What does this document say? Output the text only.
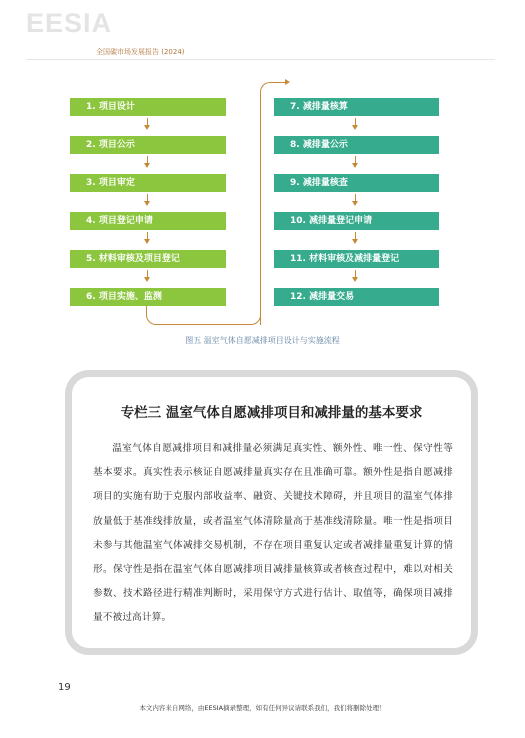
EESIA
全国碳市场发展报告 (2024)
1. 项目设计
2. 项目公示
3. 项目审定
4. 项目登记申请
5. 材料审核及项目登记
6. 项目实施、监测
7. 减排量核算
8. 减排量公示
9. 减排量核查
10. 减排量登记申请
11. 材料审核及减排量登记
12. 减排量交易
图五 温室气体自愿减排项目设计与实施流程
专栏三 温室气体自愿减排项目和减排量的基本要求
温室气体自愿减排项目和减排量必须满足真实性、额外性、唯一性、保守性等基本要求。真实性表示核证自愿减排量真实存在且准确可靠。额外性是指自愿减排项目的实施有助于克服内部收益率、融资、关键技术障碍，并且项目的温室气体排放量低于基准线排放量，或者温室气体清除量高于基准线清除量。唯一性是指项目未参与其他温室气体减排交易机制，不存在项目重复认定或者减排量重复计算的情形。保守性是指在温室气体自愿减排项目减排量核算或者核查过程中，难以对相关参数、技术路径进行精准判断时，采用保守方式进行估计、取值等，确保项目减排量不被过高计算。
19
本文内容来自网络，由EESIA摘录整理，如有任何异议请联系我们，我们将删除处理！
